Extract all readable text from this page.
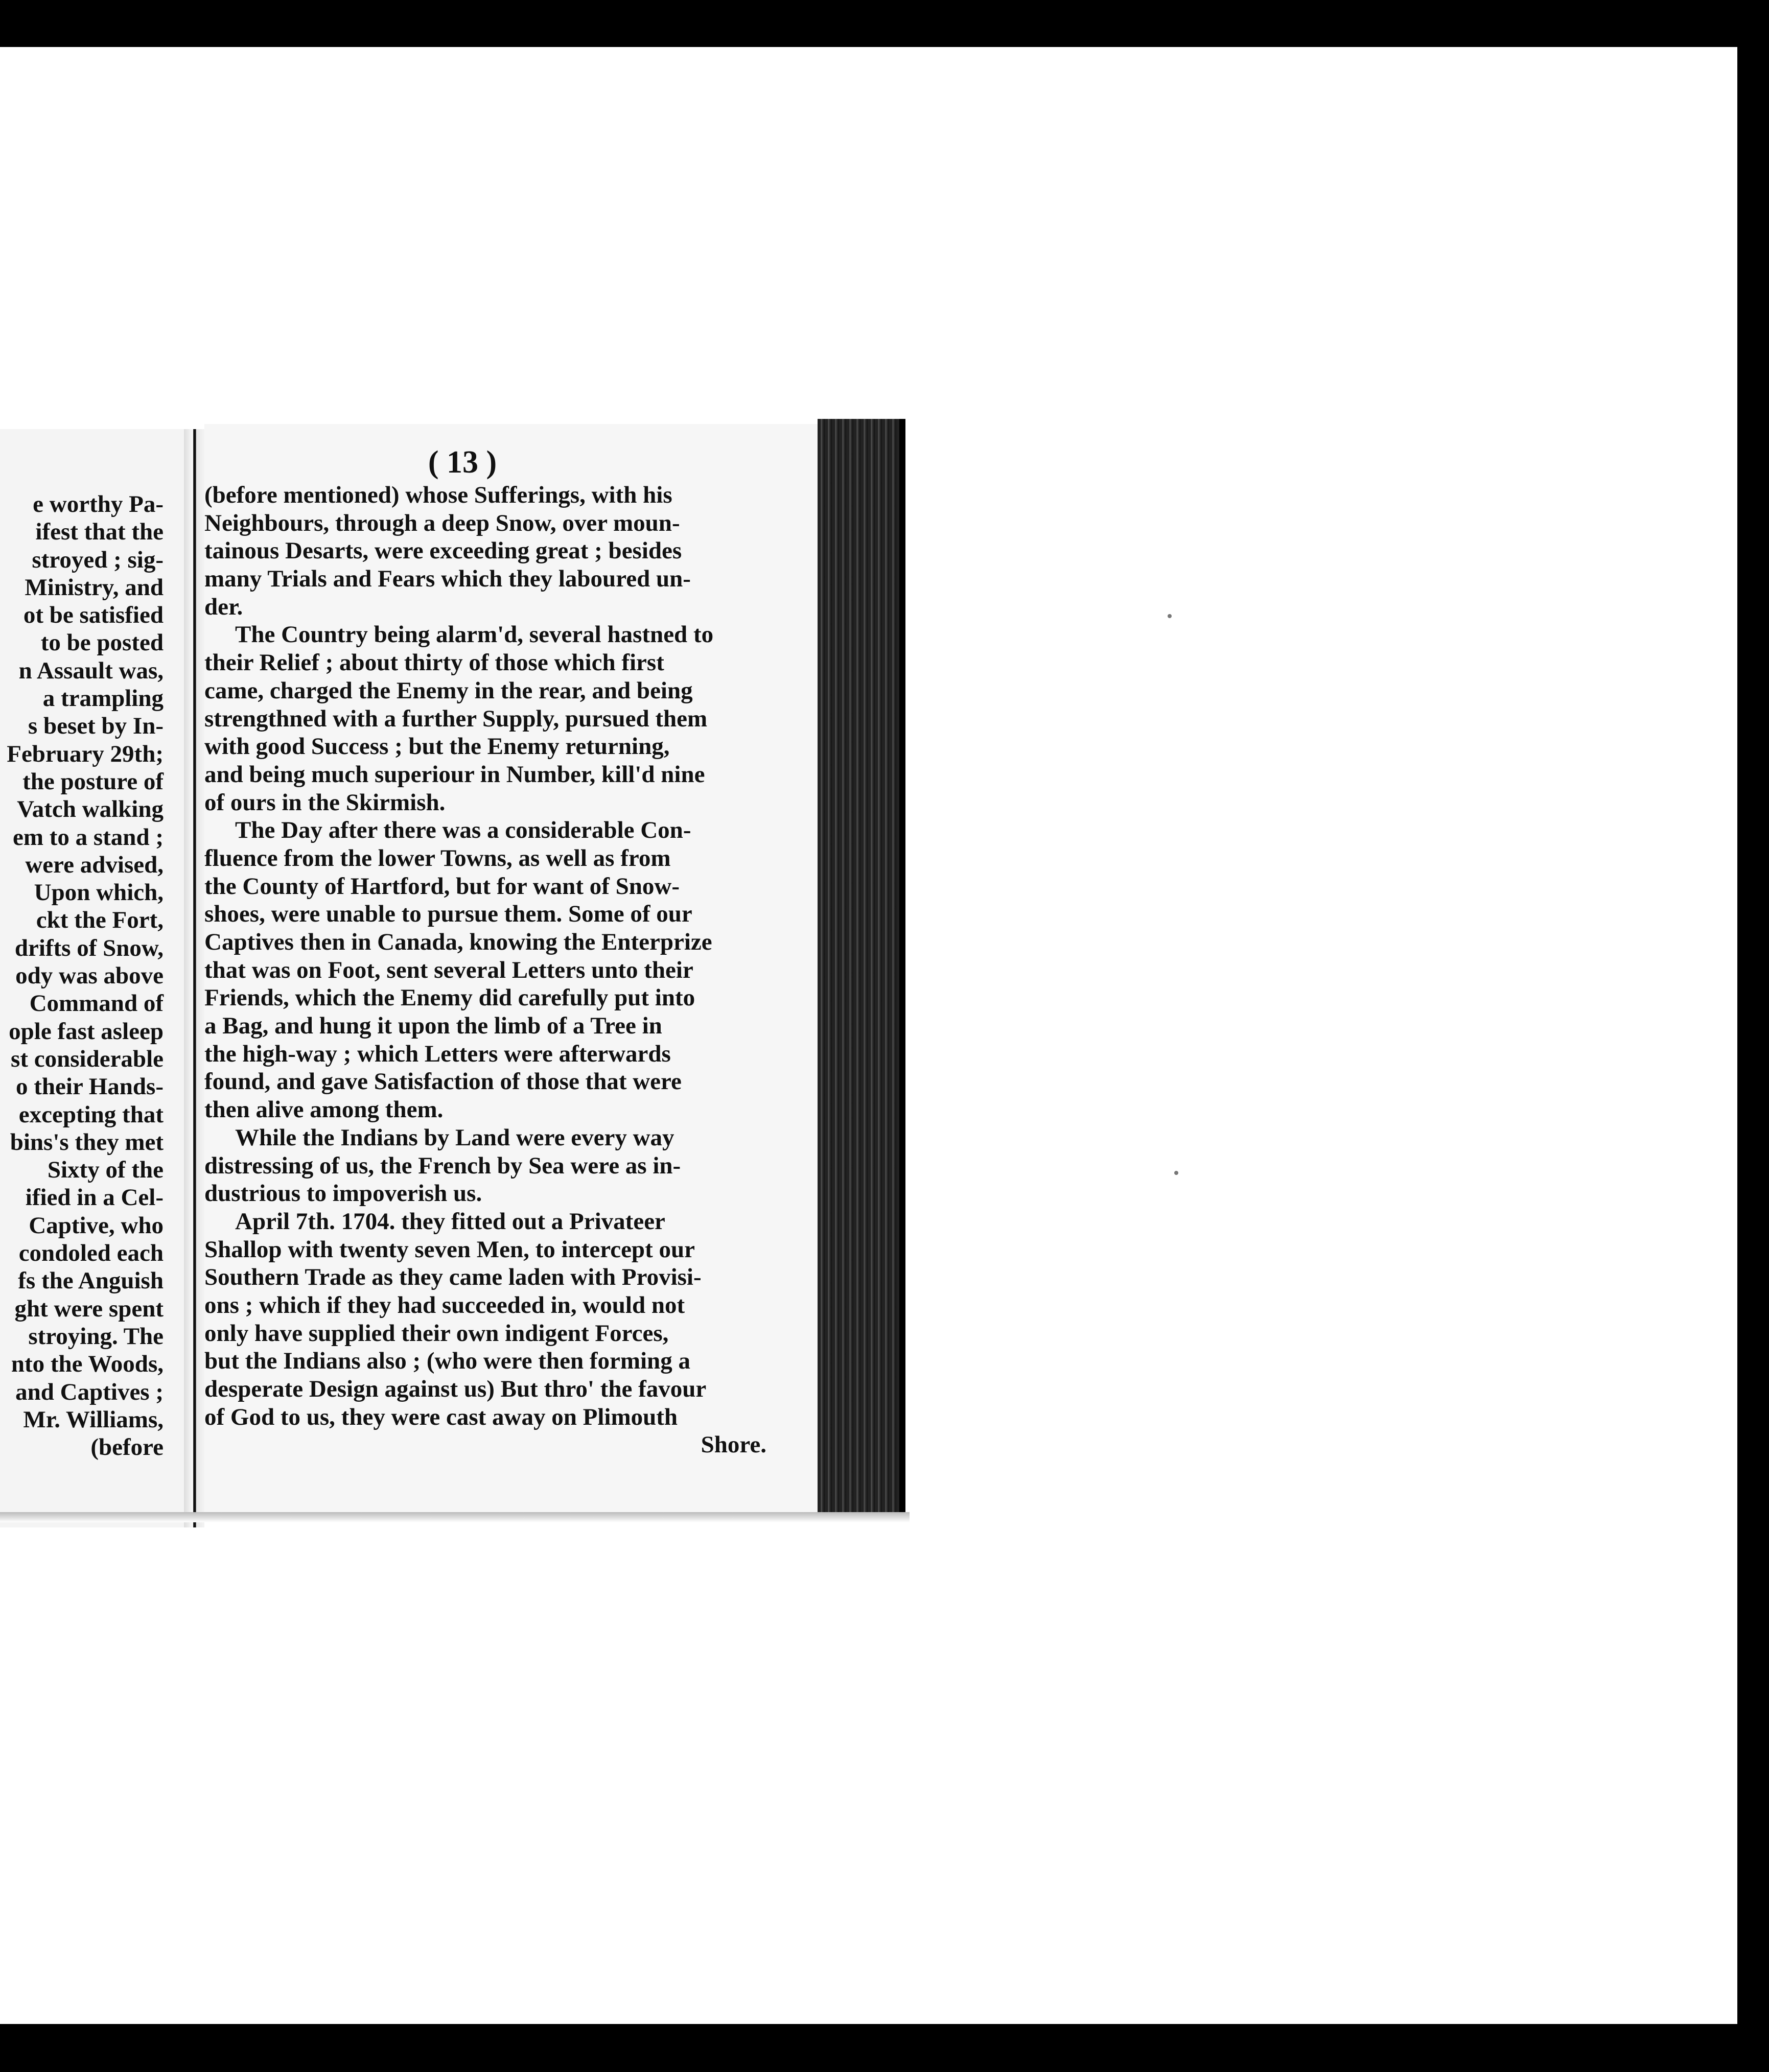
e worthy Pa-
ifest that the
stroyed ; sig-
Ministry, and
ot be satisfied
to be posted
n Assault was,
a trampling
s beset by In-
February 29th;
the posture of
Vatch walking
em to a stand ;
were advised,
Upon which,
ckt the Fort,
drifts of Snow,
ody was above
Command of
ople fast asleep
st considerable
o their Hands-
excepting that
bins's they met
Sixty of the
ified in a Cel-
Captive, who
condoled each
fs the Anguish
ght were spent
stroying. The
nto the Woods,
and Captives ;
Mr. Williams,
(before
( 13 )
(before mentioned) whose Sufferings, with his
Neighbours, through a deep Snow, over moun-
tainous Desarts, were exceeding great ; besides
many Trials and Fears which they laboured un-
der.
The Country being alarm'd, several hastned to
their Relief ; about thirty of those which first
came, charged the Enemy in the rear, and being
strengthned with a further Supply, pursued them
with good Success ; but the Enemy returning,
and being much superiour in Number, kill'd nine
of ours in the Skirmish.
The Day after there was a considerable Con-
fluence from the lower Towns, as well as from
the County of Hartford, but for want of Snow-
shoes, were unable to pursue them. Some of our
Captives then in Canada, knowing the Enterprize
that was on Foot, sent several Letters unto their
Friends, which the Enemy did carefully put into
a Bag, and hung it upon the limb of a Tree in
the high-way ; which Letters were afterwards
found, and gave Satisfaction of those that were
then alive among them.
While the Indians by Land were every way
distressing of us, the French by Sea were as in-
dustrious to impoverish us.
April 7th. 1704. they fitted out a Privateer
Shallop with twenty seven Men, to intercept our
Southern Trade as they came laden with Provisi-
ons ; which if they had succeeded in, would not
only have supplied their own indigent Forces,
but the Indians also ; (who were then forming a
desperate Design against us) But thro' the favour
of God to us, they were cast away on Plimouth
Shore.
